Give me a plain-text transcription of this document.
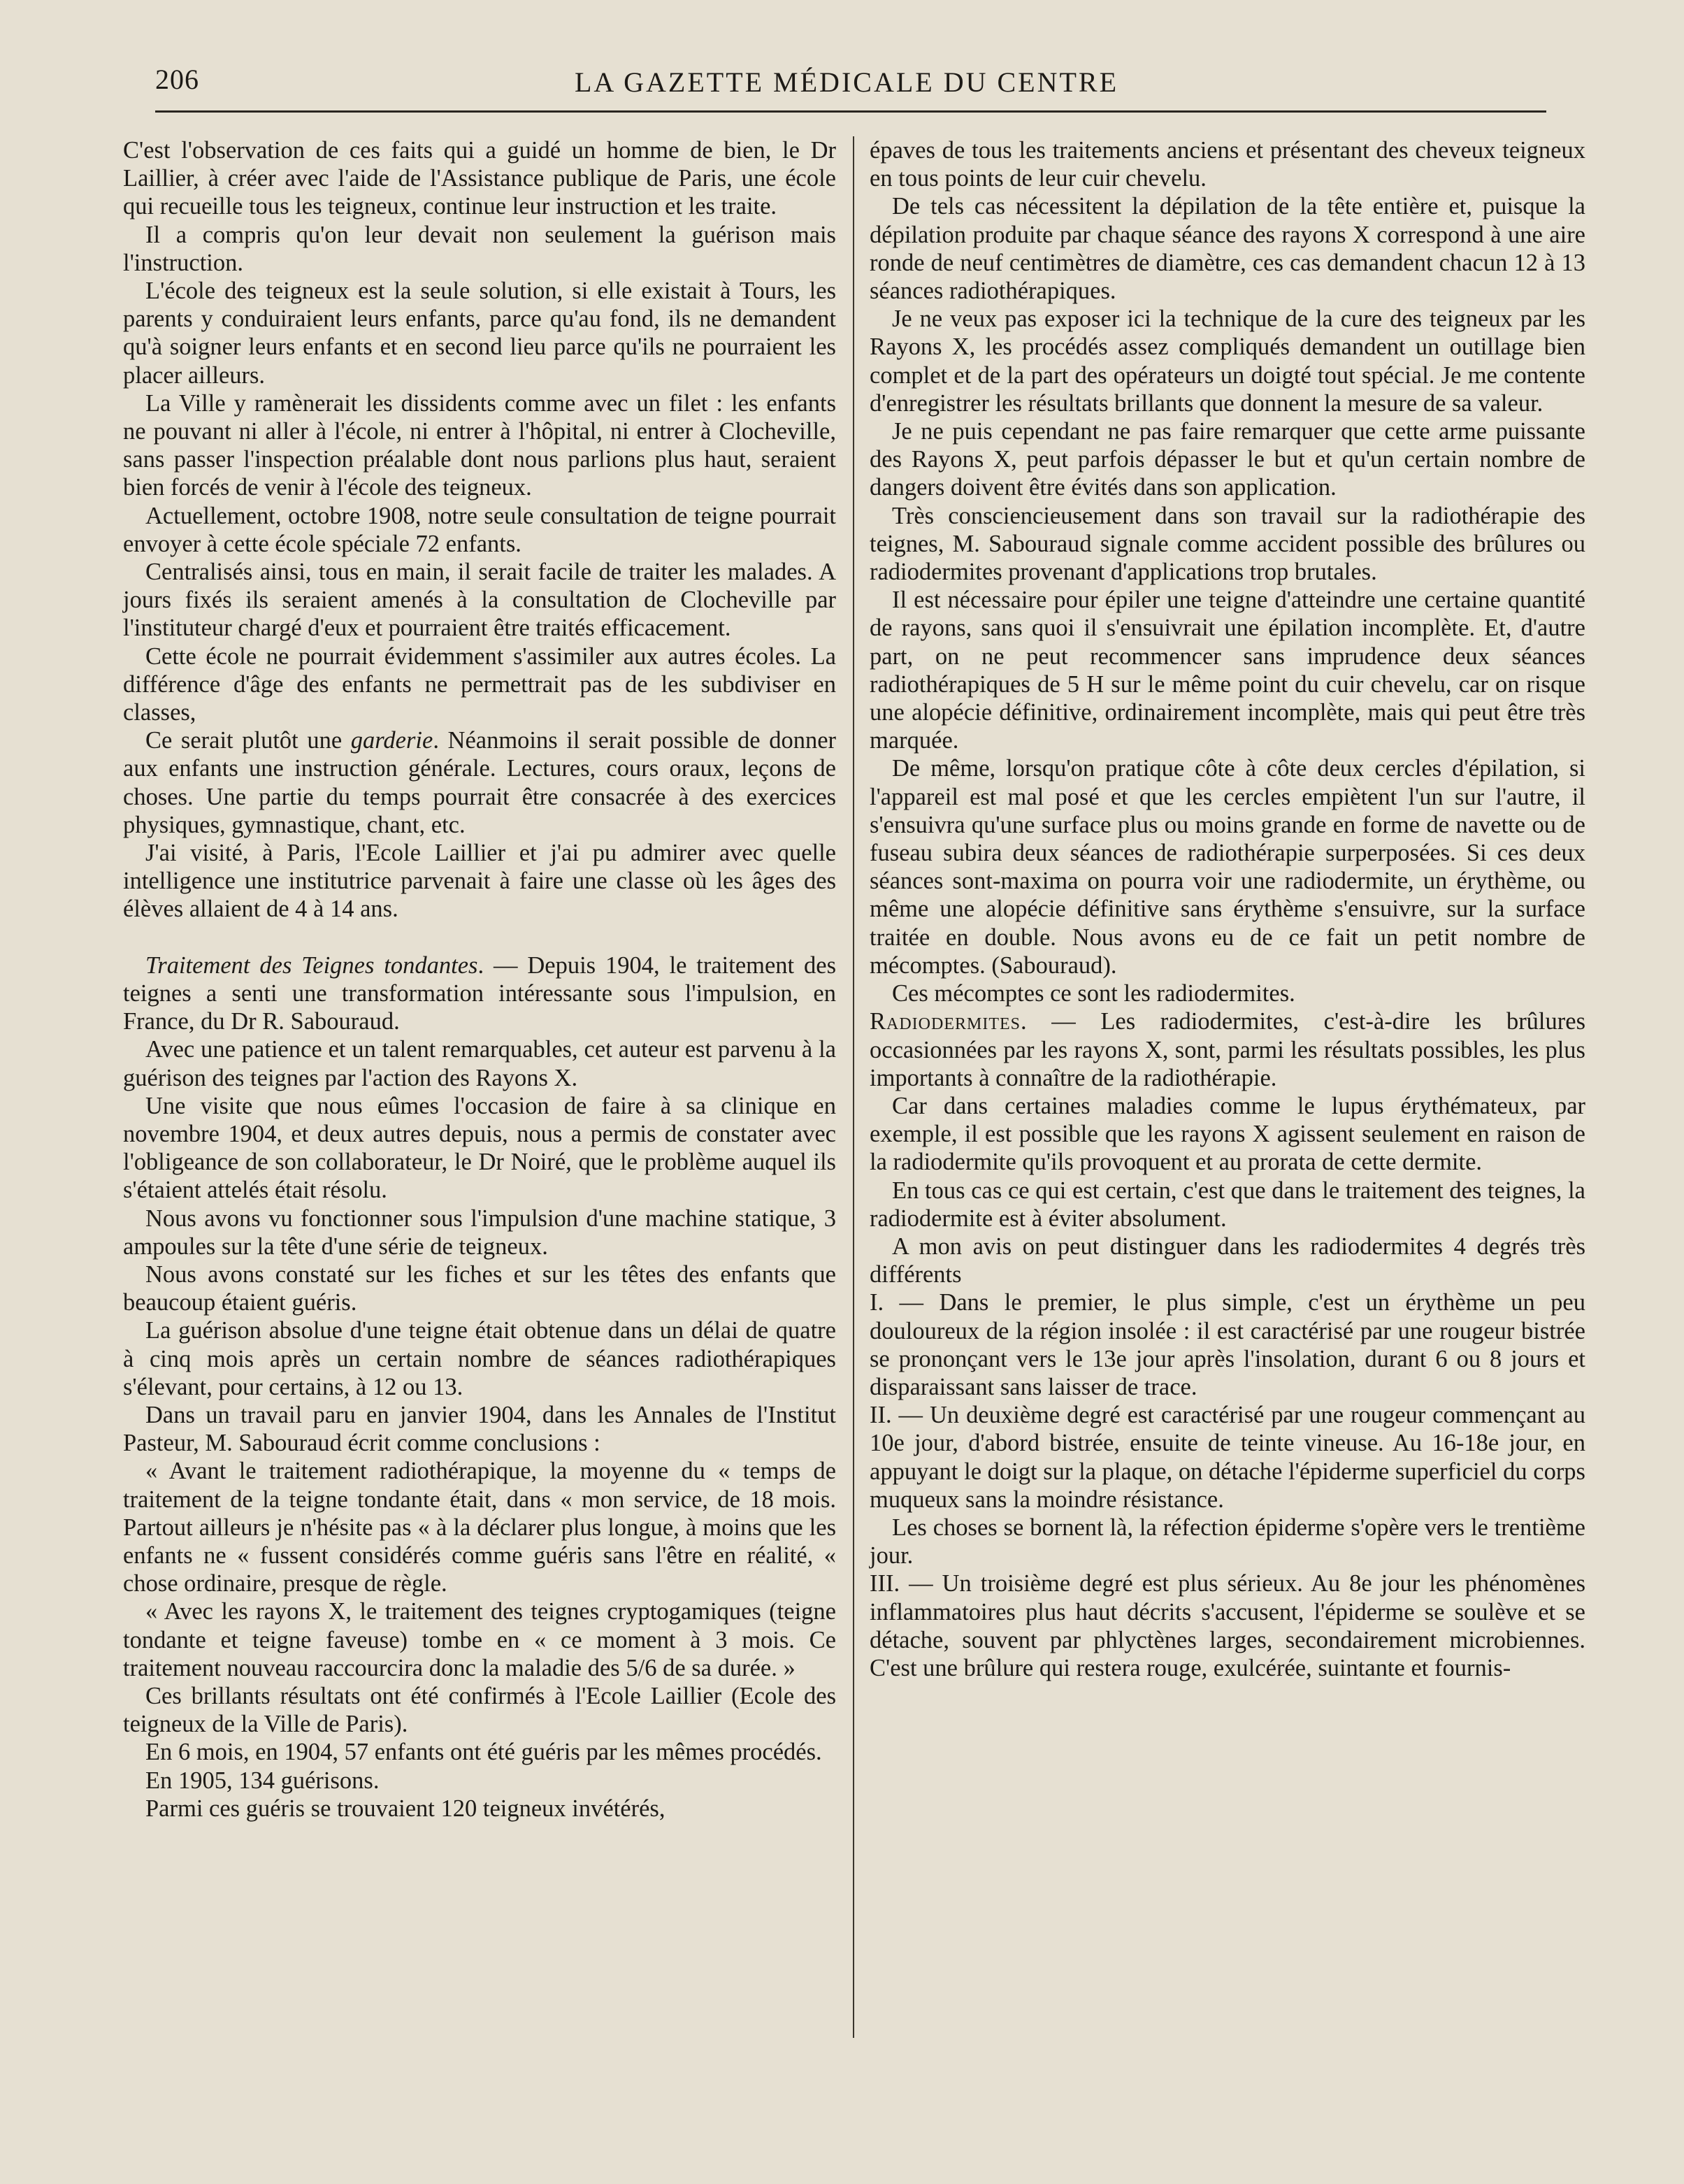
206	LA GAZETTE MÉDICALE DU CENTRE

C'est l'observation de ces faits qui a guidé un homme de bien, le Dr Laillier, à créer avec l'aide de l'Assistance publique de Paris, une école qui recueille tous les teigneux, continue leur instruction et les traite.

Il a compris qu'on leur devait non seulement la guérison mais l'instruction.

L'école des teigneux est la seule solution, si elle existait à Tours, les parents y conduiraient leurs enfants, parce qu'au fond, ils ne demandent qu'à soigner leurs enfants et en second lieu parce qu'ils ne pourraient les placer ailleurs.

La Ville y ramènerait les dissidents comme avec un filet : les enfants ne pouvant ni aller à l'école, ni entrer à l'hôpital, ni entrer à Clocheville, sans passer l'inspection préalable dont nous parlions plus haut, seraient bien forcés de venir à l'école des teigneux.

Actuellement, octobre 1908, notre seule consultation de teigne pourrait envoyer à cette école spéciale 72 enfants.

Centralisés ainsi, tous en main, il serait facile de traiter les malades. A jours fixés ils seraient amenés à la consultation de Clocheville par l'instituteur chargé d'eux et pourraient être traités efficacement.

Cette école ne pourrait évidemment s'assimiler aux autres écoles. La différence d'âge des enfants ne permettrait pas de les subdiviser en classes,

Ce serait plutôt une garderie. Néanmoins il serait possible de donner aux enfants une instruction générale. Lectures, cours oraux, leçons de choses. Une partie du temps pourrait être consacrée à des exercices physiques, gymnastique, chant, etc.

J'ai visité, à Paris, l'Ecole Laillier et j'ai pu admirer avec quelle intelligence une institutrice parvenait à faire une classe où les âges des élèves allaient de 4 à 14 ans.

Traitement des Teignes tondantes. — Depuis 1904, le traitement des teignes a senti une transformation intéressante sous l'impulsion, en France, du Dr R. Sabouraud.

Avec une patience et un talent remarquables, cet auteur est parvenu à la guérison des teignes par l'action des Rayons X.

Une visite que nous eûmes l'occasion de faire à sa clinique en novembre 1904, et deux autres depuis, nous a permis de constater avec l'obligeance de son collaborateur, le Dr Noiré, que le problème auquel ils s'étaient attelés était résolu.

Nous avons vu fonctionner sous l'impulsion d'une machine statique, 3 ampoules sur la tête d'une série de teigneux.

Nous avons constaté sur les fiches et sur les têtes des enfants que beaucoup étaient guéris.

La guérison absolue d'une teigne était obtenue dans un délai de quatre à cinq mois après un certain nombre de séances radiothérapiques s'élevant, pour certains, à 12 ou 13.

Dans un travail paru en janvier 1904, dans les Annales de l'Institut Pasteur, M. Sabouraud écrit comme conclusions :

« Avant le traitement radiothérapique, la moyenne du « temps de traitement de la teigne tondante était, dans « mon service, de 18 mois. Partout ailleurs je n'hésite pas « à la déclarer plus longue, à moins que les enfants ne « fussent considérés comme guéris sans l'être en réalité, « chose ordinaire, presque de règle.

« Avec les rayons X, le traitement des teignes cryptogamiques (teigne tondante et teigne faveuse) tombe en « ce moment à 3 mois. Ce traitement nouveau raccourcira donc la maladie des 5/6 de sa durée. »

Ces brillants résultats ont été confirmés à l'Ecole Laillier (Ecole des teigneux de la Ville de Paris).

En 6 mois, en 1904, 57 enfants ont été guéris par les mêmes procédés.

En 1905, 134 guérisons.

Parmi ces guéris se trouvaient 120 teigneux invétérés,

épaves de tous les traitements anciens et présentant des cheveux teigneux en tous points de leur cuir chevelu.

De tels cas nécessitent la dépilation de la tête entière et, puisque la dépilation produite par chaque séance des rayons X correspond à une aire ronde de neuf centimètres de diamètre, ces cas demandent chacun 12 à 13 séances radiothérapiques.

Je ne veux pas exposer ici la technique de la cure des teigneux par les Rayons X, les procédés assez compliqués demandent un outillage bien complet et de la part des opérateurs un doigté tout spécial. Je me contente d'enregistrer les résultats brillants que donnent la mesure de sa valeur.

Je ne puis cependant ne pas faire remarquer que cette arme puissante des Rayons X, peut parfois dépasser le but et qu'un certain nombre de dangers doivent être évités dans son application.

Très consciencieusement dans son travail sur la radiothérapie des teignes, M. Sabouraud signale comme accident possible des brûlures ou radiodermites provenant d'applications trop brutales.

Il est nécessaire pour épiler une teigne d'atteindre une certaine quantité de rayons, sans quoi il s'ensuivrait une épilation incomplète. Et, d'autre part, on ne peut recommencer sans imprudence deux séances radiothérapiques de 5 H sur le même point du cuir chevelu, car on risque une alopécie définitive, ordinairement incomplète, mais qui peut être très marquée.

De même, lorsqu'on pratique côte à côte deux cercles d'épilation, si l'appareil est mal posé et que les cercles empiètent l'un sur l'autre, il s'ensuivra qu'une surface plus ou moins grande en forme de navette ou de fuseau subira deux séances de radiothérapie surperposées. Si ces deux séances sont-maxima on pourra voir une radiodermite, un érythème, ou même une alopécie définitive sans érythème s'ensuivre, sur la surface traitée en double. Nous avons eu de ce fait un petit nombre de mécomptes. (Sabouraud).

Ces mécomptes ce sont les radiodermites.

Radiodermites. — Les radiodermites, c'est-à-dire les brûlures occasionnées par les rayons X, sont, parmi les résultats possibles, les plus importants à connaître de la radiothérapie.

Car dans certaines maladies comme le lupus érythémateux, par exemple, il est possible que les rayons X agissent seulement en raison de la radiodermite qu'ils provoquent et au prorata de cette dermite.

En tous cas ce qui est certain, c'est que dans le traitement des teignes, la radiodermite est à éviter absolument.

A mon avis on peut distinguer dans les radiodermites 4 degrés très différents

I. — Dans le premier, le plus simple, c'est un érythème un peu douloureux de la région insolée : il est caractérisé par une rougeur bistrée se prononçant vers le 13e jour après l'insolation, durant 6 ou 8 jours et disparaissant sans laisser de trace.

II. — Un deuxième degré est caractérisé par une rougeur commençant au 10e jour, d'abord bistrée, ensuite de teinte vineuse. Au 16-18e jour, en appuyant le doigt sur la plaque, on détache l'épiderme superficiel du corps muqueux sans la moindre résistance.

Les choses se bornent là, la réfection épiderme s'opère vers le trentième jour.

III. — Un troisième degré est plus sérieux. Au 8e jour les phénomènes inflammatoires plus haut décrits s'accusent, l'épiderme se soulève et se détache, souvent par phlyctènes larges, secondairement microbiennes. C'est une brûlure qui restera rouge, exulcérée, suintante et fournis-
